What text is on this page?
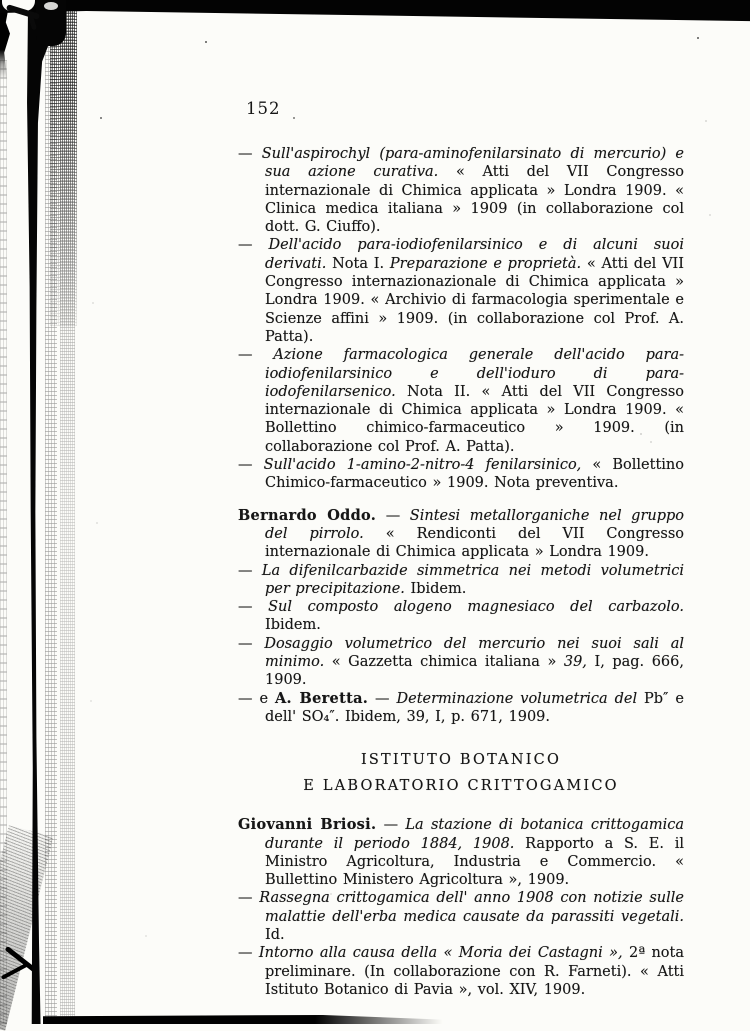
152

— Sull'aspirochyl (para-aminofenilarsinato di mercurio) e sua azione curativa. « Atti del VII Congresso internazionale di Chimica applicata » Londra 1909. « Clinica medica italiana » 1909 (in collaborazione col dott. G. Ciuffo).

— Dell'acido para-iodiofenilarsinico e di alcuni suoi derivati. Nota I. Preparazione e proprietà. « Atti del VII Congresso internazionazionale di Chimica applicata » Londra 1909. « Archivio di farmacologia sperimentale e Scienze affini » 1909. (in collaborazione col Prof. A. Patta).

— Azione farmacologica generale dell'acido para-iodiofenilarsinico e dell'ioduro di para-iodofenilarsenico. Nota II. « Atti del VII Congresso internazionale di Chimica applicata » Londra 1909. « Bollettino chimico-farmaceutico » 1909. (in collaborazione col Prof. A. Patta).

— Sull'acido 1-amino-2-nitro-4 fenilarsinico, « Bollettino Chimico-farmaceutico » 1909. Nota preventiva.

Bernardo Oddo. — Sintesi metallorganiche nel gruppo del pirrolo. « Rendiconti del VII Congresso internazionale di Chimica applicata » Londra 1909.

— La difenilcarbazide simmetrica nei metodi volumetrici per precipitazione. Ibidem.

— Sul composto alogeno magnesiaco del carbazolo. Ibidem.

— Dosaggio volumetrico del mercurio nei suoi sali al minimo. « Gazzetta chimica italiana » 39, I, pag. 666, 1909.

— e A. Beretta. — Determinazione volumetrica del Pb″ e dell' SO₄″. Ibidem, 39, I, p. 671, 1909.

ISTITUTO BOTANICO
E LABORATORIO CRITTOGAMICO

Giovanni Briosi. — La stazione di botanica crittogamica durante il periodo 1884, 1908. Rapporto a S. E. il Ministro Agricoltura, Industria e Commercio. « Bullettino Ministero Agricoltura », 1909.

— Rassegna crittogamica dell' anno 1908 con notizie sulle malattie dell'erba medica causate da parassiti vegetali. Id.

— Intorno alla causa della « Moria dei Castagni », 2ª nota preliminare. (In collaborazione con R. Farneti). « Atti Istituto Botanico di Pavia », vol. XIV, 1909.
